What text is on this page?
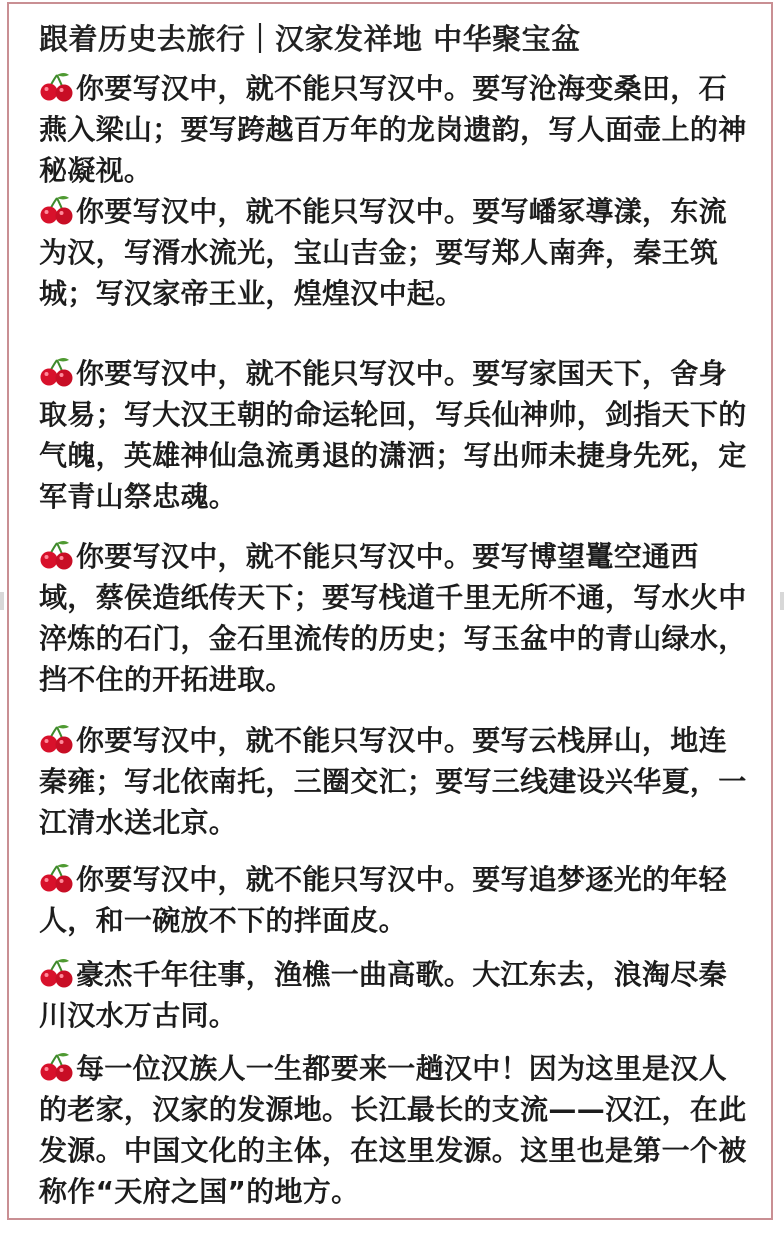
跟着历史去旅行｜汉家发祥地 中华聚宝盆
你要写汉中，就不能只写汉中。要写沧海变桑田，石燕入梁山；要写跨越百万年的龙岗遗韵，写人面壶上的神秘凝视。
你要写汉中，就不能只写汉中。要写嶓冢導漾，东流为汉，写湑水流光，宝山吉金；要写郑人南奔，秦王筑城；写汉家帝王业，煌煌汉中起。
你要写汉中，就不能只写汉中。要写家国天下，舍身取易；写大汉王朝的命运轮回，写兵仙神帅，剑指天下的气魄，英雄神仙急流勇退的潇洒；写出师未捷身先死，定军青山祭忠魂。
你要写汉中，就不能只写汉中。要写博望鼍空通西域，蔡侯造纸传天下；要写栈道千里无所不通，写水火中淬炼的石门，金石里流传的历史；写玉盆中的青山绿水，挡不住的开拓进取。
你要写汉中，就不能只写汉中。要写云栈屏山，地连秦雍；写北依南托，三圈交汇；要写三线建设兴华夏，一江清水送北京。
你要写汉中，就不能只写汉中。要写追梦逐光的年轻人，和一碗放不下的拌面皮。
豪杰千年往事，渔樵一曲高歌。大江东去，浪淘尽秦川汉水万古同。
每一位汉族人一生都要来一趟汉中！因为这里是汉人的老家，汉家的发源地。长江最长的支流——汉江，在此发源。中国文化的主体，在这里发源。这里也是第一个被称作“天府之国”的地方。
